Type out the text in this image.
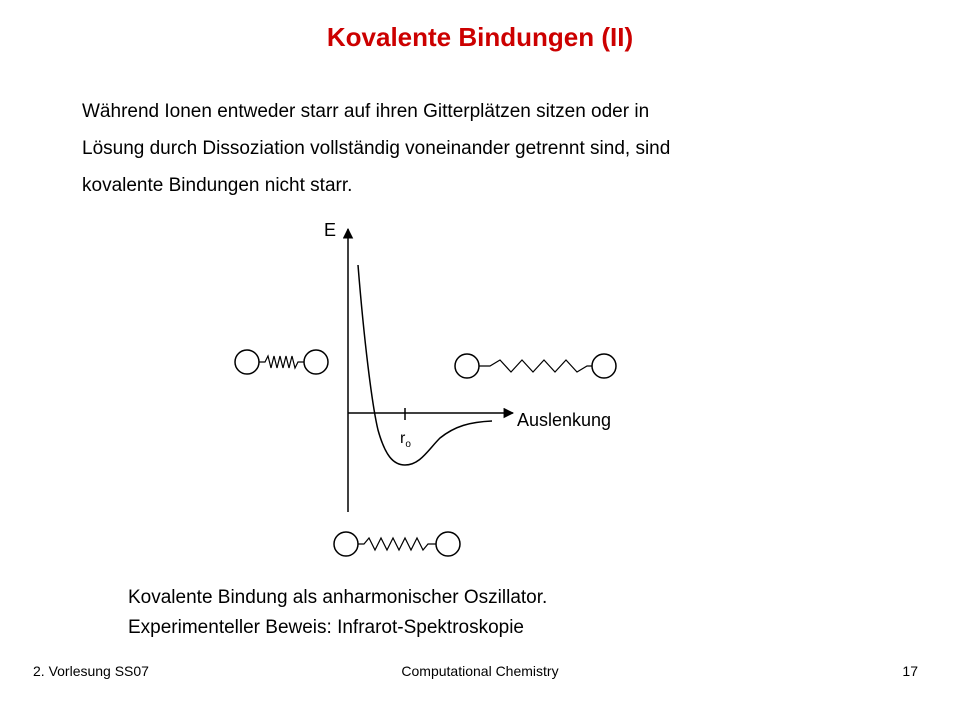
Kovalente Bindungen (II)

Während Ionen entweder starr auf ihren Gitterplätzen sitzen oder in
Lösung durch Dissoziation vollständig voneinander getrennt sind, sind
kovalente Bindungen nicht starr.

E
Auslenkung
$r_o$
Kovalente Bindung als anharmonischer Oszillator.
Experimenteller Beweis: Infrarot-Spektroskopie
2. Vorlesung SS07	Computational Chemistry	17
